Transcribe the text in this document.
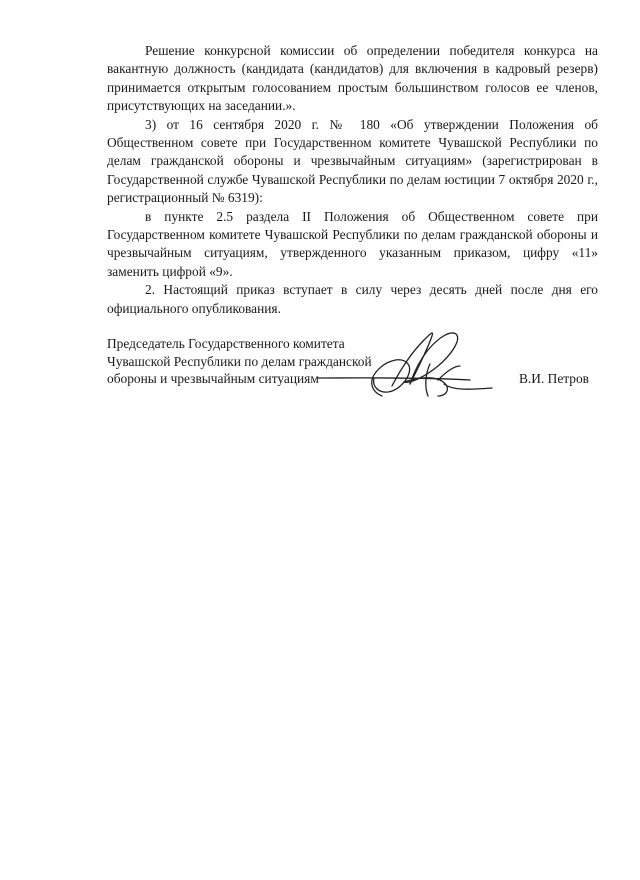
Решение конкурсной комиссии об определении победителя конкурса на вакантную должность (кандидата (кандидатов) для включения в кадровый резерв) принимается открытым голосованием простым большинством голосов ее членов, присутствующих на заседании.».

3) от 16 сентября 2020 г. № 180 «Об утверждении Положения об Общественном совете при Государственном комитете Чувашской Республики по делам гражданской обороны и чрезвычайным ситуациям» (зарегистрирован в Государственной службе Чувашской Республики по делам юстиции 7 октября 2020 г., регистрационный № 6319):

в пункте 2.5 раздела II Положения об Общественном совете при Государственном комитете Чувашской Республики по делам гражданской обороны и чрезвычайным ситуациям, утвержденного указанным приказом, цифру «11» заменить цифрой «9».

2. Настоящий приказ вступает в силу через десять дней после дня его официального опубликования.

Председатель Государственного комитета
Чувашской Республики по делам гражданской
обороны и чрезвычайным ситуациям	В.И. Петров
